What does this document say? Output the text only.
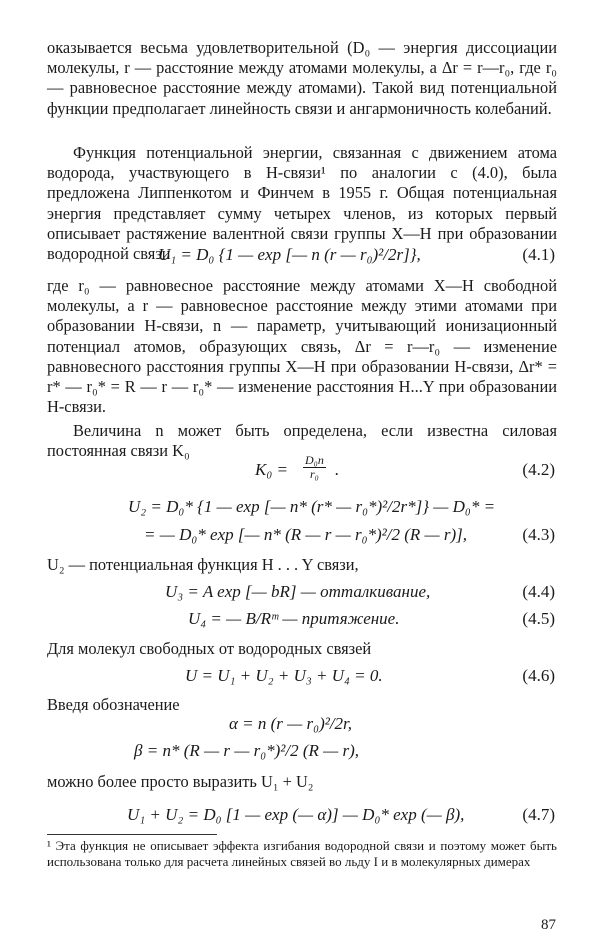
оказывается весьма удовлетворительной (D₀ — энергия диссоциации молекулы, r — расстояние между атомами молекулы, а Δr = r—r₀, где r₀ — равновесное расстояние между атомами). Такой вид потенциальной функции предполагает линейность связи и ангармоничность колебаний.

Функция потенциальной энергии, связанная с движением атома водорода, участвующего в H-связи¹ по аналогии с (4.0), была предложена Липпенкотом и Финчем в 1955 г. Общая потенциальная энергия представляет сумму четырех членов, из которых первый описывает растяжение валентной связи группы X—H при образовании водородной связи

U₁ = D₀ {1 — exp [— n (r — r₀)²/2r]},	(4.1)

где r₀ — равновесное расстояние между атомами X—H свободной молекулы, а r — равновесное расстояние между этими атомами при образовании H-связи, n — параметр, учитывающий ионизационный потенциал атомов, образующих связь, Δr = r—r₀ — изменение равновесного расстояния группы X—H при образовании H-связи, Δr* = r* — r₀* = R — r — r₀* — изменение расстояния H...Y при образовании H-связи.

Величина n может быть определена, если известна силовая постоянная связи K₀

$K_0 = \frac{\text{D₀n}}{\text{r₀}}$ .	(4.2)
U₂ = D₀* {1 — exp [— n* (r* — r₀*)²/2r*]} — D₀* =
= — D₀* exp [— n* (R — r — r₀*)²/2 (R — r)],	(4.3)

U₂ — потенциальная функция H . . . Y связи,

U₃ = A exp [— bR] — отталкивание,	(4.4)
U₄ = — B/Rᵐ — притяжение.	(4.5)

Для молекул свободных от водородных связей

U = U₁ + U₂ + U₃ + U₄ = 0.	(4.6)

Введя обозначение

α = n (r — r₀)²/2r,
β = n* (R — r — r₀*)²/2 (R — r),

можно более просто выразить U₁ + U₂

U₁ + U₂ = D₀ [1 — exp (— α)] — D₀* exp (— β),	(4.7)

¹ Эта функция не описывает эффекта изгибания водородной связи и поэтому может быть использована только для расчета линейных связей во льду I и в молекулярных димерах

87
